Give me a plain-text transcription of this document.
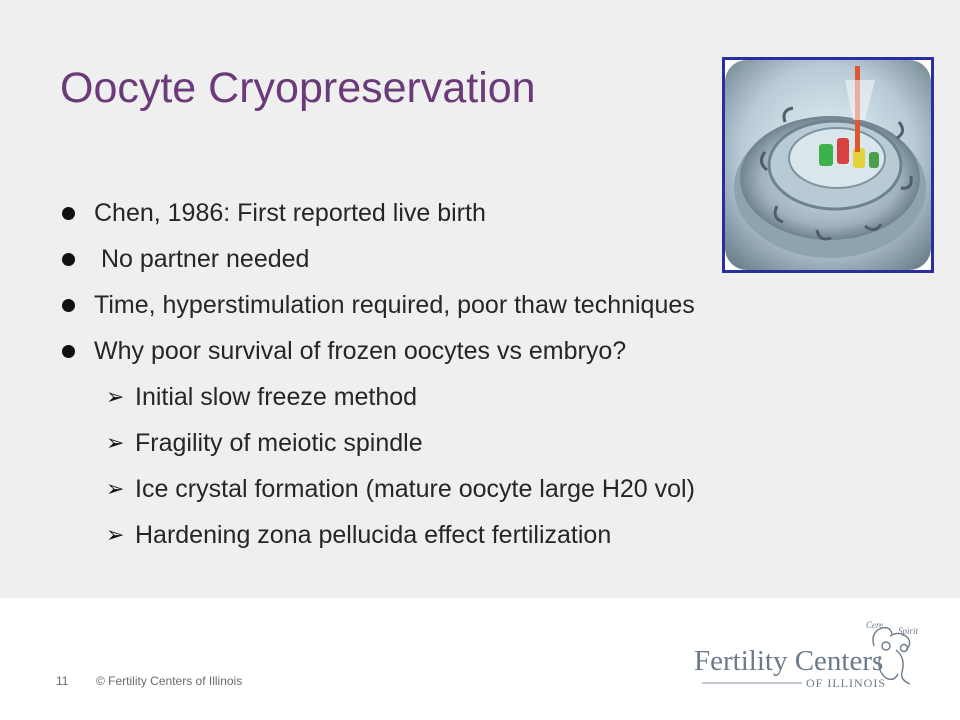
Oocyte Cryopreservation
Chen, 1986: First reported live birth
No partner needed
Time, hyperstimulation required, poor thaw techniques
Why poor survival of frozen oocytes vs embryo?
➢ Initial slow freeze method
➢ Fragility of meiotic spindle
➢ Ice crystal formation (mature oocyte large H20 vol)
➢ Hardening zona pellucida effect fertilization
11 © Fertility Centers of Illinois
Cere
Spirit
Fertility Centers
OF ILLINOIS
